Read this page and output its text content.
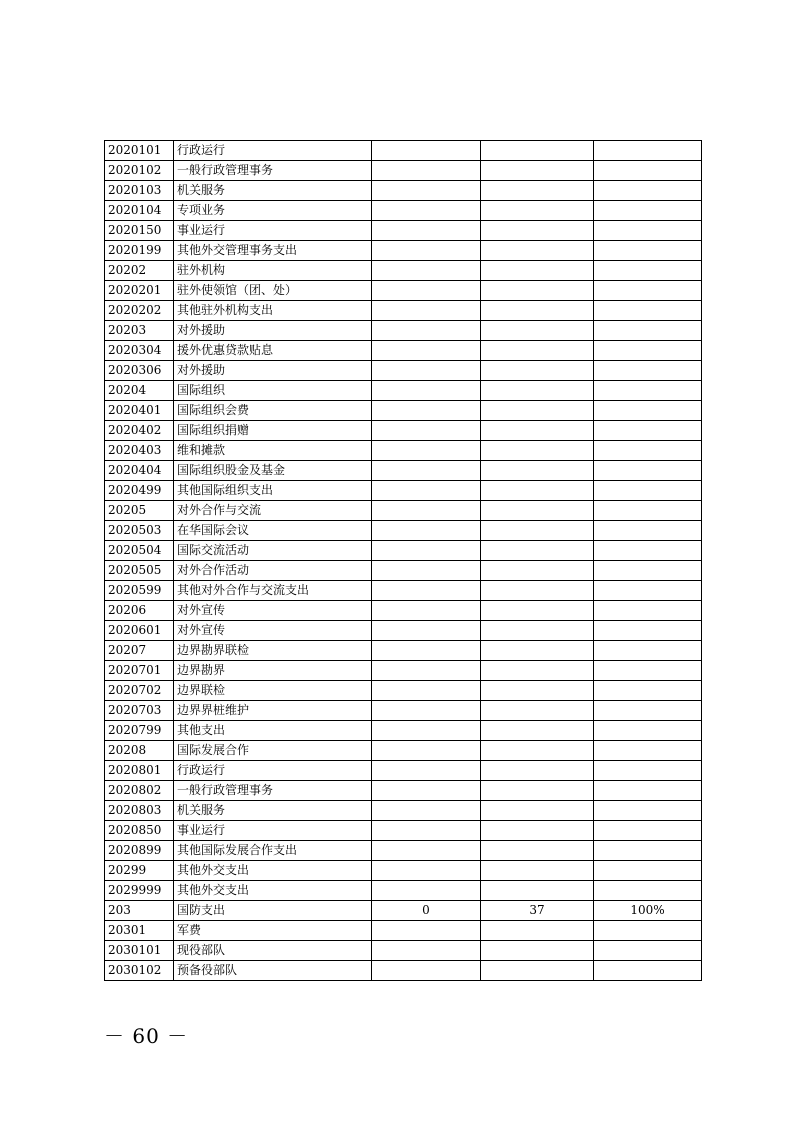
2020101	行政运行			
2020102	一般行政管理事务			
2020103	机关服务			
2020104	专项业务			
2020150	事业运行			
2020199	其他外交管理事务支出			
20202	驻外机构			
2020201	驻外使领馆（团、处）			
2020202	其他驻外机构支出			
20203	对外援助			
2020304	援外优惠贷款贴息			
2020306	对外援助			
20204	国际组织			
2020401	国际组织会费			
2020402	国际组织捐赠			
2020403	维和摊款			
2020404	国际组织股金及基金			
2020499	其他国际组织支出			
20205	对外合作与交流			
2020503	在华国际会议			
2020504	国际交流活动			
2020505	对外合作活动			
2020599	其他对外合作与交流支出			
20206	对外宣传			
2020601	对外宣传			
20207	边界勘界联检			
2020701	边界勘界			
2020702	边界联检			
2020703	边界界桩维护			
2020799	其他支出			
20208	国际发展合作			
2020801	行政运行			
2020802	一般行政管理事务			
2020803	机关服务			
2020850	事业运行			
2020899	其他国际发展合作支出			
20299	其他外交支出			
2029999	其他外交支出			
203	国防支出	0	37	100%
20301	军费			
2030101	现役部队			
2030102	预备役部队			
－ 60 －
